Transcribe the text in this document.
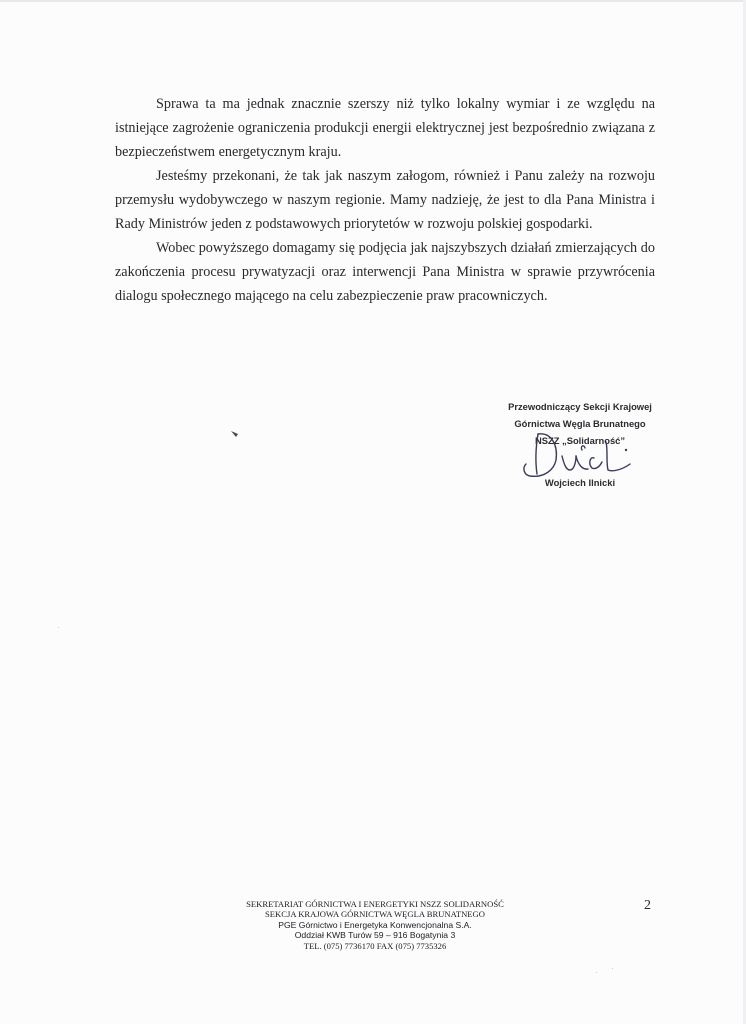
Sprawa ta ma jednak znacznie szerszy niż tylko lokalny wymiar i ze względu na istniejące zagrożenie ograniczenia produkcji energii elektrycznej jest bezpośrednio związana z bezpieczeństwem energetycznym kraju.

Jesteśmy przekonani, że tak jak naszym załogom, również i Panu zależy na rozwoju przemysłu wydobywczego w naszym regionie. Mamy nadzieję, że jest to dla Pana Ministra i Rady Ministrów jeden z podstawowych priorytetów w rozwoju polskiej gospodarki.

Wobec powyższego domagamy się podjęcia jak najszybszych działań zmierzających do zakończenia procesu prywatyzacji oraz interwencji Pana Ministra w sprawie przywrócenia dialogu społecznego mającego na celu zabezpieczenie praw pracowniczych.

Przewodniczący Sekcji Krajowej
Górnictwa Węgla Brunatnego
NSZZ „Solidarność”
Wojciech Ilnicki
SEKRETARIAT GÓRNICTWA I ENERGETYKI NSZZ SOLIDARNOŚĆ
SEKCJA KRAJOWA GÓRNICTWA WĘGLA BRUNATNEGO
PGE Górnictwo i Energetyka Konwencjonalna S.A.
Oddział KWB Turów 59 – 916 Bogatynia 3
TEL. (075) 7736170 FAX (075) 7735326
2
